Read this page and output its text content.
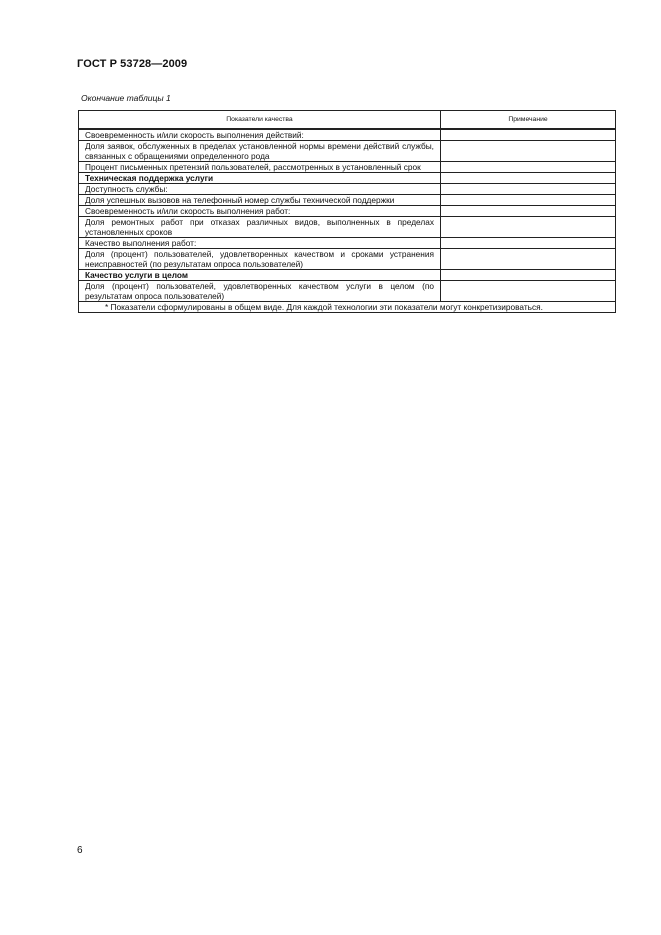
ГОСТ Р 53728—2009
Окончание таблицы 1
Показатели качества	Примечание
Своевременность и/или скорость выполнения действий:	
Доля заявок, обслуженных в пределах установленной нормы времени действий службы, связанных с обращениями определенного рода	
Процент письменных претензий пользователей, рассмотренных в установленный срок	
Техническая поддержка услуги	
Доступность службы:	
Доля успешных вызовов на телефонный номер службы технической поддержки	
Своевременность и/или скорость выполнения работ:	
Доля ремонтных работ при отказах различных видов, выполненных в пределах установленных сроков	
Качество выполнения работ:	
Доля (процент) пользователей, удовлетворенных качеством и сроками устранения неисправностей (по результатам опроса пользователей)	
Качество услуги в целом	
Доля (процент) пользователей, удовлетворенных качеством услуги в целом (по результатам опроса пользователей)	

* Показатели сформулированы в общем виде. Для каждой технологии эти показатели могут конкретизироваться.	
6
